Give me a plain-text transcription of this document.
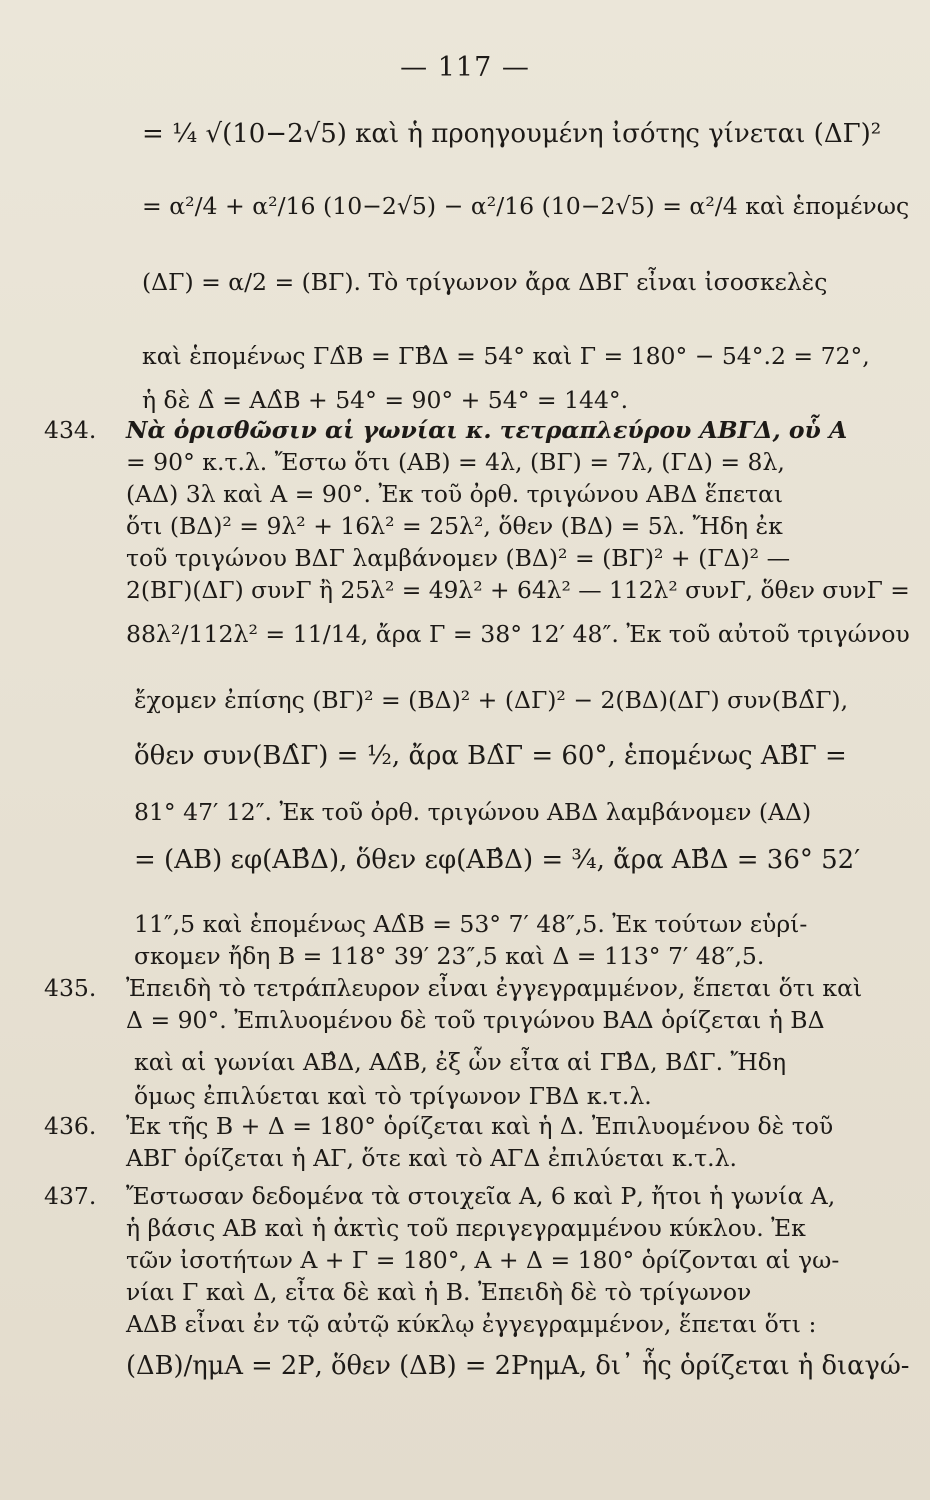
— 117 —
= ¼ √(10−2√5) καὶ ἡ προηγουμένη ἰσότης γίνεται (ΔΓ)²
= α²/4 + α²/16 (10−2√5) − α²/16 (10−2√5) = α²/4 καὶ ἑπομένως
(ΔΓ) = α/2 = (ΒΓ). Τὸ τρίγωνον ἄρα ΔΒΓ εἶναι ἰσοσκελὲς
καὶ ἑπομένως ΓΔ̂Β = ΓΒ̂Δ = 54° καὶ Γ = 180° − 54°.2 = 72°,
ἡ δὲ Δ̂ = ΑΔ̂Β + 54° = 90° + 54° = 144°.
434. Νὰ ὁρισθῶσιν αἱ γωνίαι κ. τετραπλεύρου ΑΒΓΔ, οὗ Α
= 90° κ.τ.λ. Ἔστω ὅτι (ΑΒ) = 4λ, (ΒΓ) = 7λ, (ΓΔ) = 8λ,
(ΑΔ) 3λ καὶ Α = 90°. Ἐκ τοῦ ὀρθ. τριγώνου ΑΒΔ ἕπεται
ὅτι (ΒΔ)² = 9λ² + 16λ² = 25λ², ὅθεν (ΒΔ) = 5λ. Ἤδη ἐκ
τοῦ τριγώνου ΒΔΓ λαμβάνομεν (ΒΔ)² = (ΒΓ)² + (ΓΔ)² —
2(ΒΓ)(ΔΓ) συνΓ ἢ 25λ² = 49λ² + 64λ² — 112λ² συνΓ, ὅθεν συνΓ =
88λ²/112λ² = 11/14, ἄρα Γ = 38° 12′ 48″. Ἐκ τοῦ αὐτοῦ τριγώνου
ἔχομεν ἐπίσης (ΒΓ)² = (ΒΔ)² + (ΔΓ)² − 2(ΒΔ)(ΔΓ) συν(ΒΔ̂Γ),
ὅθεν συν(ΒΔ̂Γ) = ½, ἄρα ΒΔ̂Γ = 60°, ἑπομένως ΑΒ̂Γ =
81° 47′ 12″. Ἐκ τοῦ ὀρθ. τριγώνου ΑΒΔ λαμβάνομεν (ΑΔ)
= (ΑΒ) εφ(ΑΒ̂Δ), ὅθεν εφ(ΑΒ̂Δ) = ¾, ἄρα ΑΒ̂Δ = 36° 52′
11″,5 καὶ ἑπομένως ΑΔ̂Β = 53° 7′ 48″,5. Ἐκ τούτων εὑρί-
σκομεν ἤδη Β = 118° 39′ 23″,5 καὶ Δ = 113° 7′ 48″,5.
435. Ἐπειδὴ τὸ τετράπλευρον εἶναι ἐγγεγραμμένον, ἕπεται ὅτι καὶ
Δ = 90°. Ἐπιλυομένου δὲ τοῦ τριγώνου ΒΑΔ ὁρίζεται ἡ ΒΔ
καὶ αἱ γωνίαι ΑΒ̂Δ, ΑΔ̂Β, ἐξ ὧν εἶτα αἱ ΓΒ̂Δ, ΒΔ̂Γ. Ἤδη
ὅμως ἐπιλύεται καὶ τὸ τρίγωνον ΓΒΔ κ.τ.λ.
436. Ἐκ τῆς Β + Δ = 180° ὁρίζεται καὶ ἡ Δ. Ἐπιλυομένου δὲ τοῦ
ΑΒΓ ὁρίζεται ἡ ΑΓ, ὅτε καὶ τὸ ΑΓΔ ἐπιλύεται κ.τ.λ.
437. Ἔστωσαν δεδομένα τὰ στοιχεῖα Α, 6 καὶ Ρ, ἤτοι ἡ γωνία Α,
ἡ βάσις ΑΒ καὶ ἡ ἀκτὶς τοῦ περιγεγραμμένου κύκλου. Ἐκ
τῶν ἰσοτήτων Α + Γ = 180°, Α + Δ = 180° ὁρίζονται αἱ γω-
νίαι Γ καὶ Δ, εἶτα δὲ καὶ ἡ Β. Ἐπειδὴ δὲ τὸ τρίγωνον
ΑΔΒ εἶναι ἐν τῷ αὐτῷ κύκλῳ ἐγγεγραμμένον, ἕπεται ὅτι :
(ΔΒ)/ημΑ = 2Ρ, ὅθεν (ΔΒ) = 2ΡημΑ, δι᾽ ἧς ὁρίζεται ἡ διαγώ-
